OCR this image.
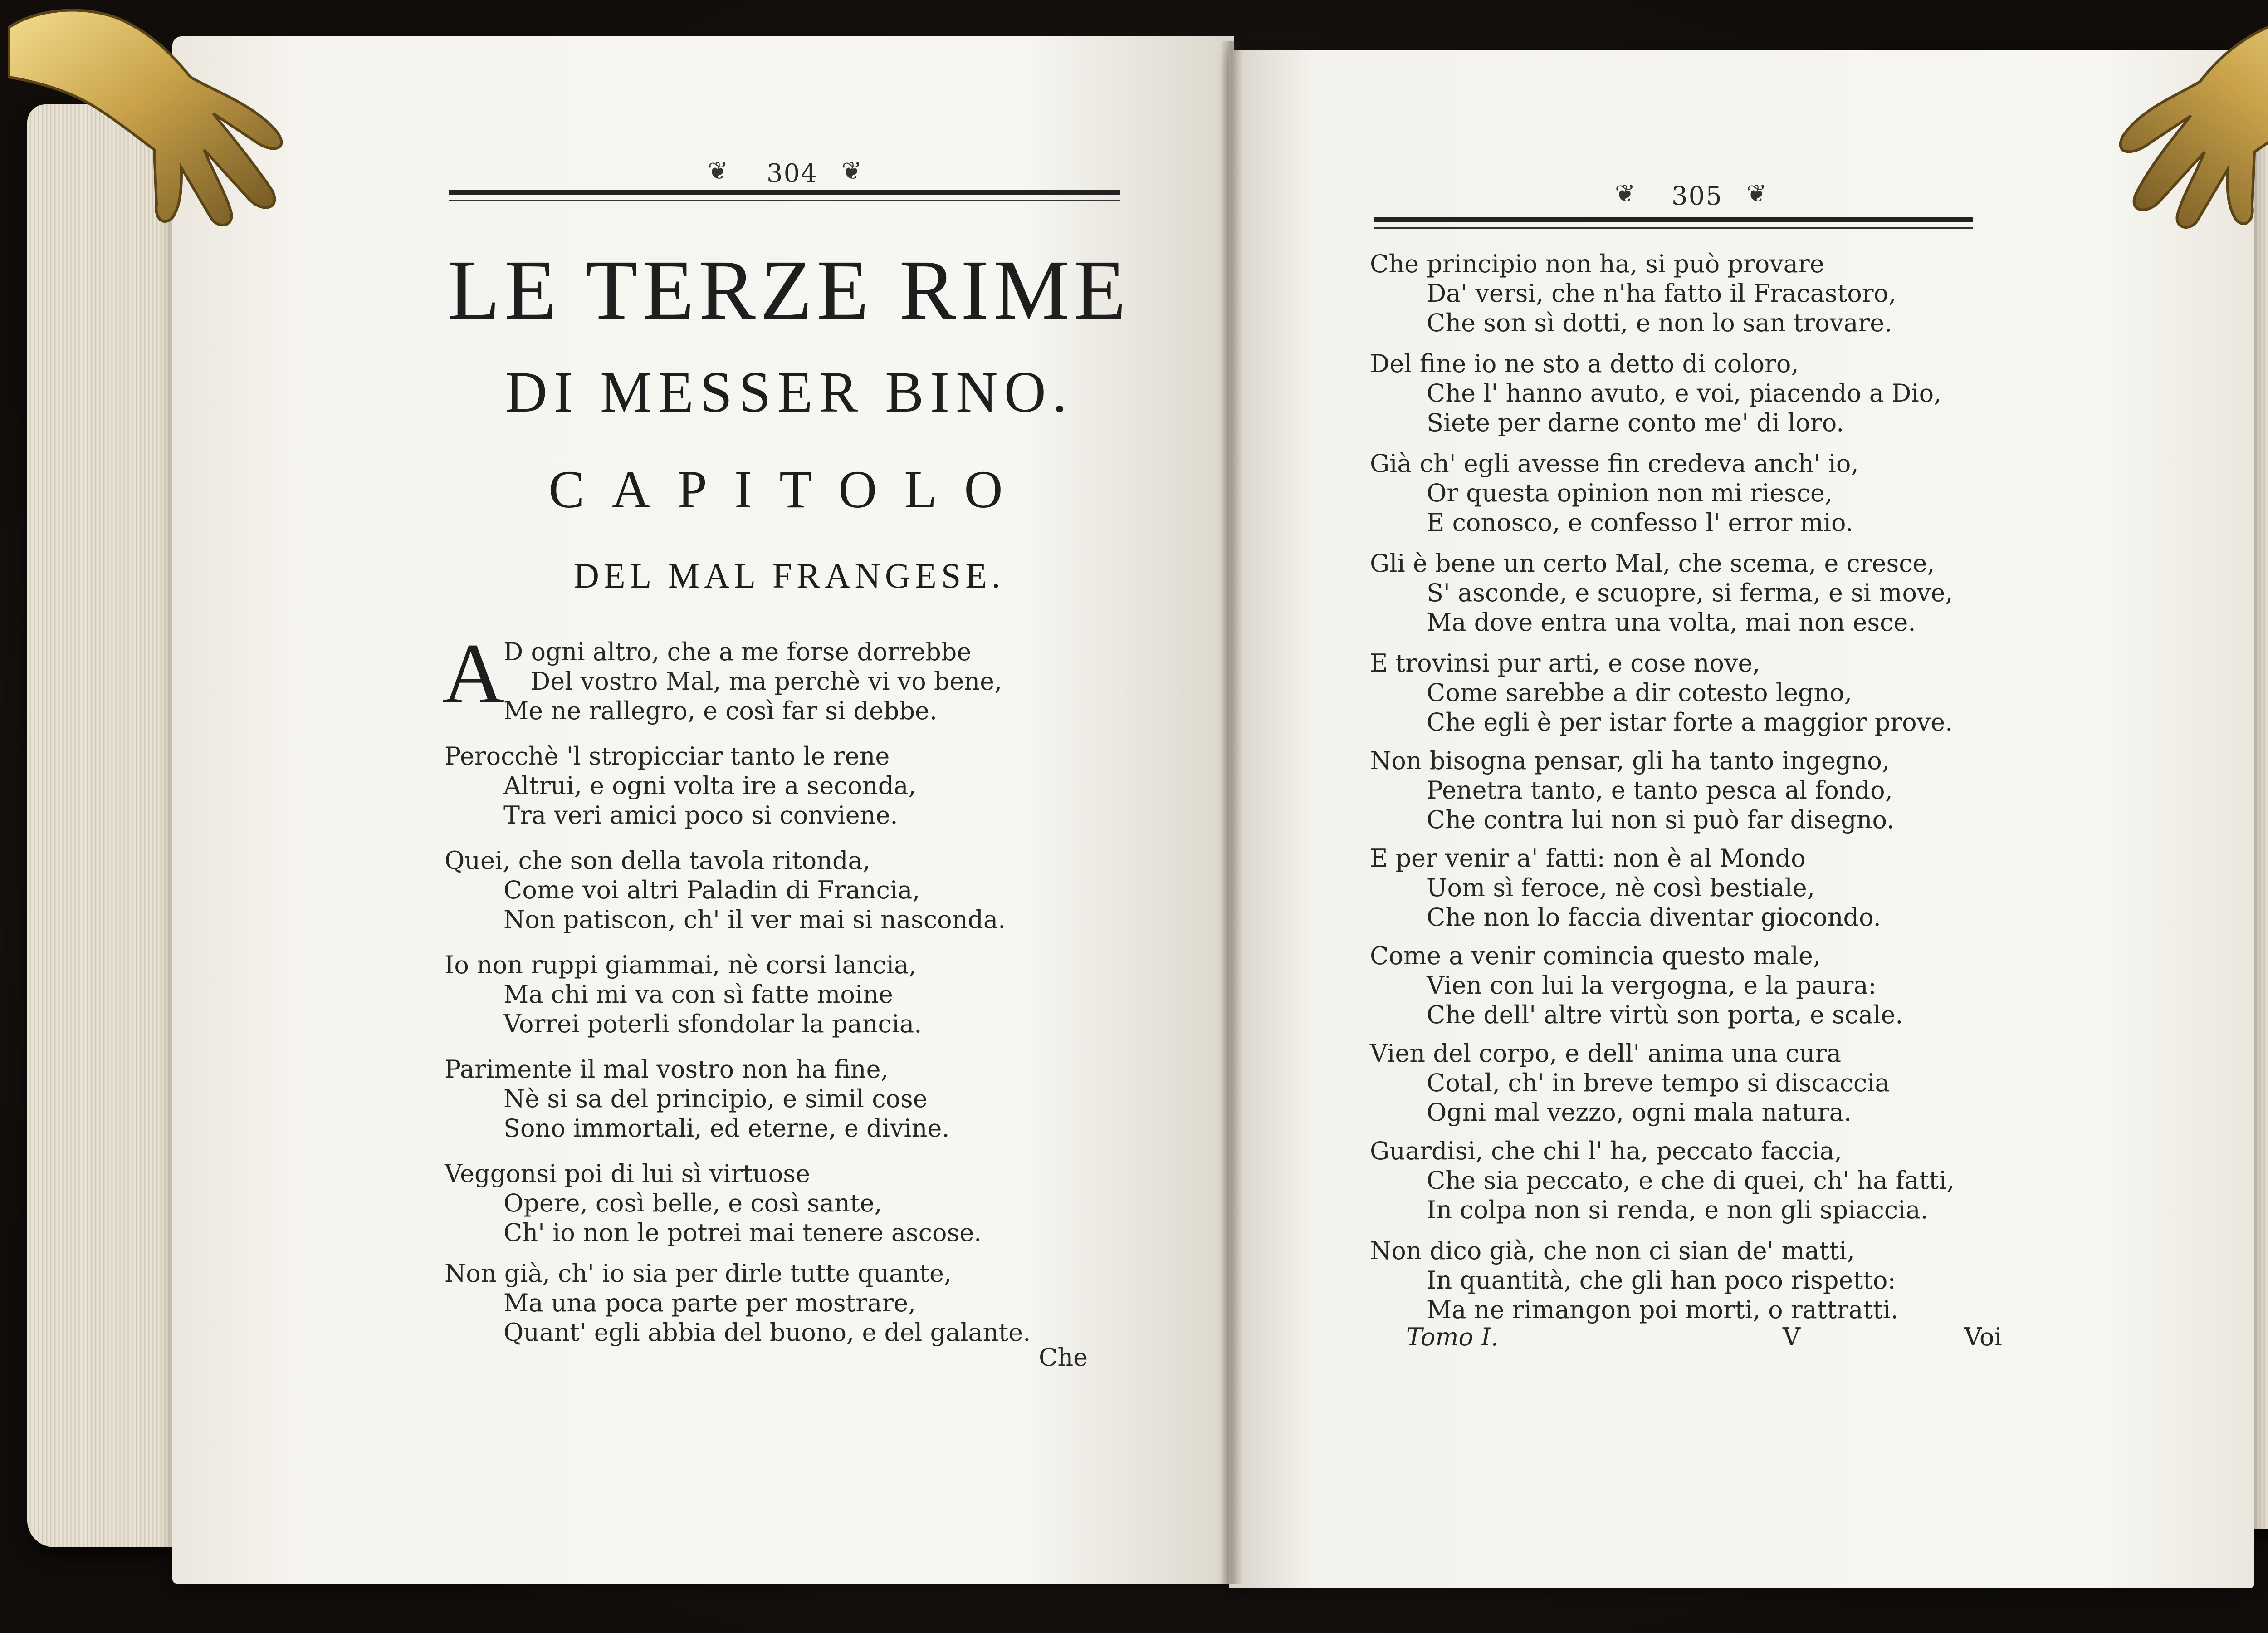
❦ 304 ❦
LE TERZE RIME
DI MESSER BINO.
CAPITOLO
DEL MAL FRANGESE.
A
D ogni altro, che a me forse dorrebbe
Del vostro Mal, ma perchè vi vo bene,
Me ne rallegro, e così far si debbe.
Perocchè 'l stropicciar tanto le rene
Altrui, e ogni volta ire a seconda,
Tra veri amici poco si conviene.
Quei, che son della tavola ritonda,
Come voi altri Paladin di Francia,
Non patiscon, ch' il ver mai si nasconda.
Io non ruppi giammai, nè corsi lancia,
Ma chi mi va con sì fatte moine
Vorrei poterli sfondolar la pancia.
Parimente il mal vostro non ha fine,
Nè si sa del principio, e simil cose
Sono immortali, ed eterne, e divine.
Veggonsi poi di lui sì virtuose
Opere, così belle, e così sante,
Ch' io non le potrei mai tenere ascose.
Non già, ch' io sia per dirle tutte quante,
Ma una poca parte per mostrare,
Quant' egli abbia del buono, e del galante.
Che
❦ 305 ❦
Che principio non ha, si può provare
Da' versi, che n'ha fatto il Fracastoro,
Che son sì dotti, e non lo san trovare.
Del fine io ne sto a detto di coloro,
Che l' hanno avuto, e voi, piacendo a Dio,
Siete per darne conto me' di loro.
Già ch' egli avesse fin credeva anch' io,
Or questa opinion non mi riesce,
E conosco, e confesso l' error mio.
Gli è bene un certo Mal, che scema, e cresce,
S' asconde, e scuopre, si ferma, e si move,
Ma dove entra una volta, mai non esce.
E trovinsi pur arti, e cose nove,
Come sarebbe a dir cotesto legno,
Che egli è per istar forte a maggior prove.
Non bisogna pensar, gli ha tanto ingegno,
Penetra tanto, e tanto pesca al fondo,
Che contra lui non si può far disegno.
E per venir a' fatti: non è al Mondo
Uom sì feroce, nè così bestiale,
Che non lo faccia diventar giocondo.
Come a venir comincia questo male,
Vien con lui la vergogna, e la paura:
Che dell' altre virtù son porta, e scale.
Vien del corpo, e dell' anima una cura
Cotal, ch' in breve tempo si discaccia
Ogni mal vezzo, ogni mala natura.
Guardisi, che chi l' ha, peccato faccia,
Che sia peccato, e che di quei, ch' ha fatti,
In colpa non si renda, e non gli spiaccia.
Non dico già, che non ci sian de' matti,
In quantità, che gli han poco rispetto:
Ma ne rimangon poi morti, o rattratti.
Tomo I.	V	Voi
